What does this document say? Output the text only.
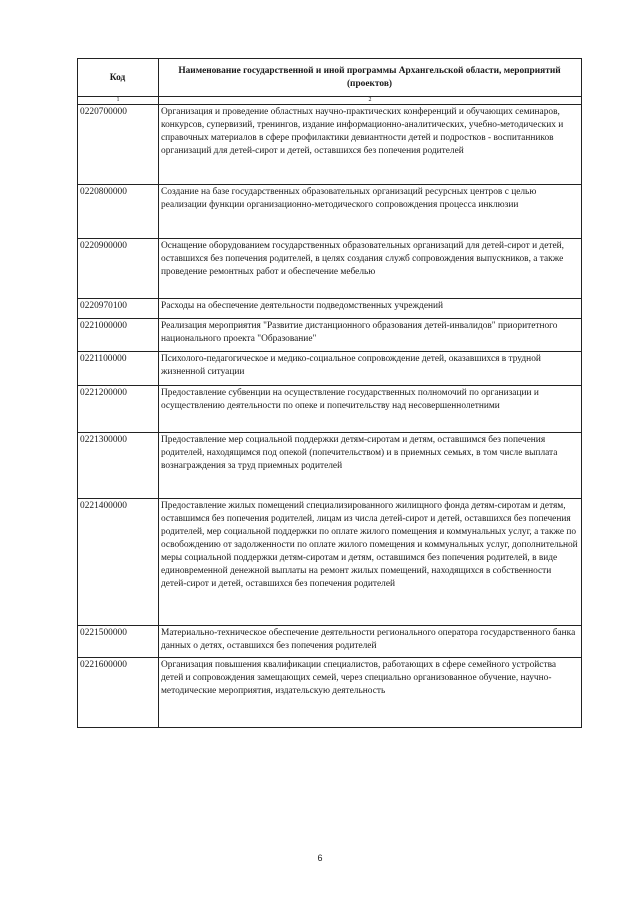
Код	Наименование государственной и иной программы Архангельской области, мероприятий (проектов)
1	2
0220700000	Организация и проведение областных научно-практических конференций и обучающих семинаров, конкурсов, супервизий, тренингов, издание информационно-аналитических, учебно-методических и справочных материалов в сфере профилактики девиантности детей и подростков - воспитанников организаций для детей-сирот и детей, оставшихся без попечения родителей
0220800000	Создание на базе государственных образовательных организаций ресурсных центров с целью реализации функции организационно-методического сопровождения процесса инклюзии
0220900000	Оснащение оборудованием государственных образовательных организаций для детей-сирот и детей, оставшихся без попечения родителей, в целях создания служб сопровождения выпускников, а также проведение ремонтных работ и обеспечение мебелью
0220970100	Расходы на обеспечение деятельности подведомственных учреждений
0221000000	Реализация мероприятия "Развитие дистанционного образования детей-инвалидов" приоритетного национального проекта "Образование"
0221100000	Психолого-педагогическое и медико-социальное сопровождение детей, оказавшихся в трудной жизненной ситуации
0221200000	Предоставление субвенции на осуществление государственных полномочий по организации и осуществлению деятельности по опеке и попечительству над несовершеннолетними
0221300000	Предоставление мер социальной поддержки детям-сиротам и детям, оставшимся без попечения родителей, находящимся под опекой (попечительством) и в приемных семьях, в том числе выплата вознаграждения за труд приемных родителей
0221400000	Предоставление жилых помещений специализированного жилищного фонда детям-сиротам и детям, оставшимся без попечения родителей, лицам из числа детей-сирот и детей, оставшихся без попечения родителей, мер социальной поддержки по оплате жилого помещения и коммунальных услуг, а также по освобождению от задолженности по оплате жилого помещения и коммунальных услуг, дополнительной меры социальной поддержки детям-сиротам и детям, оставшимся без попечения родителей, в виде единовременной денежной выплаты на ремонт жилых помещений, находящихся в собственности детей-сирот и детей, оставшихся без попечения родителей
0221500000	Материально-техническое обеспечение деятельности регионального оператора государственного банка данных о детях, оставшихся без попечения родителей
0221600000	Организация повышения квалификации специалистов, работающих в сфере семейного устройства детей и сопровождения замещающих семей, через специально организованное обучение, научно-методические мероприятия, издательскую деятельность
6
